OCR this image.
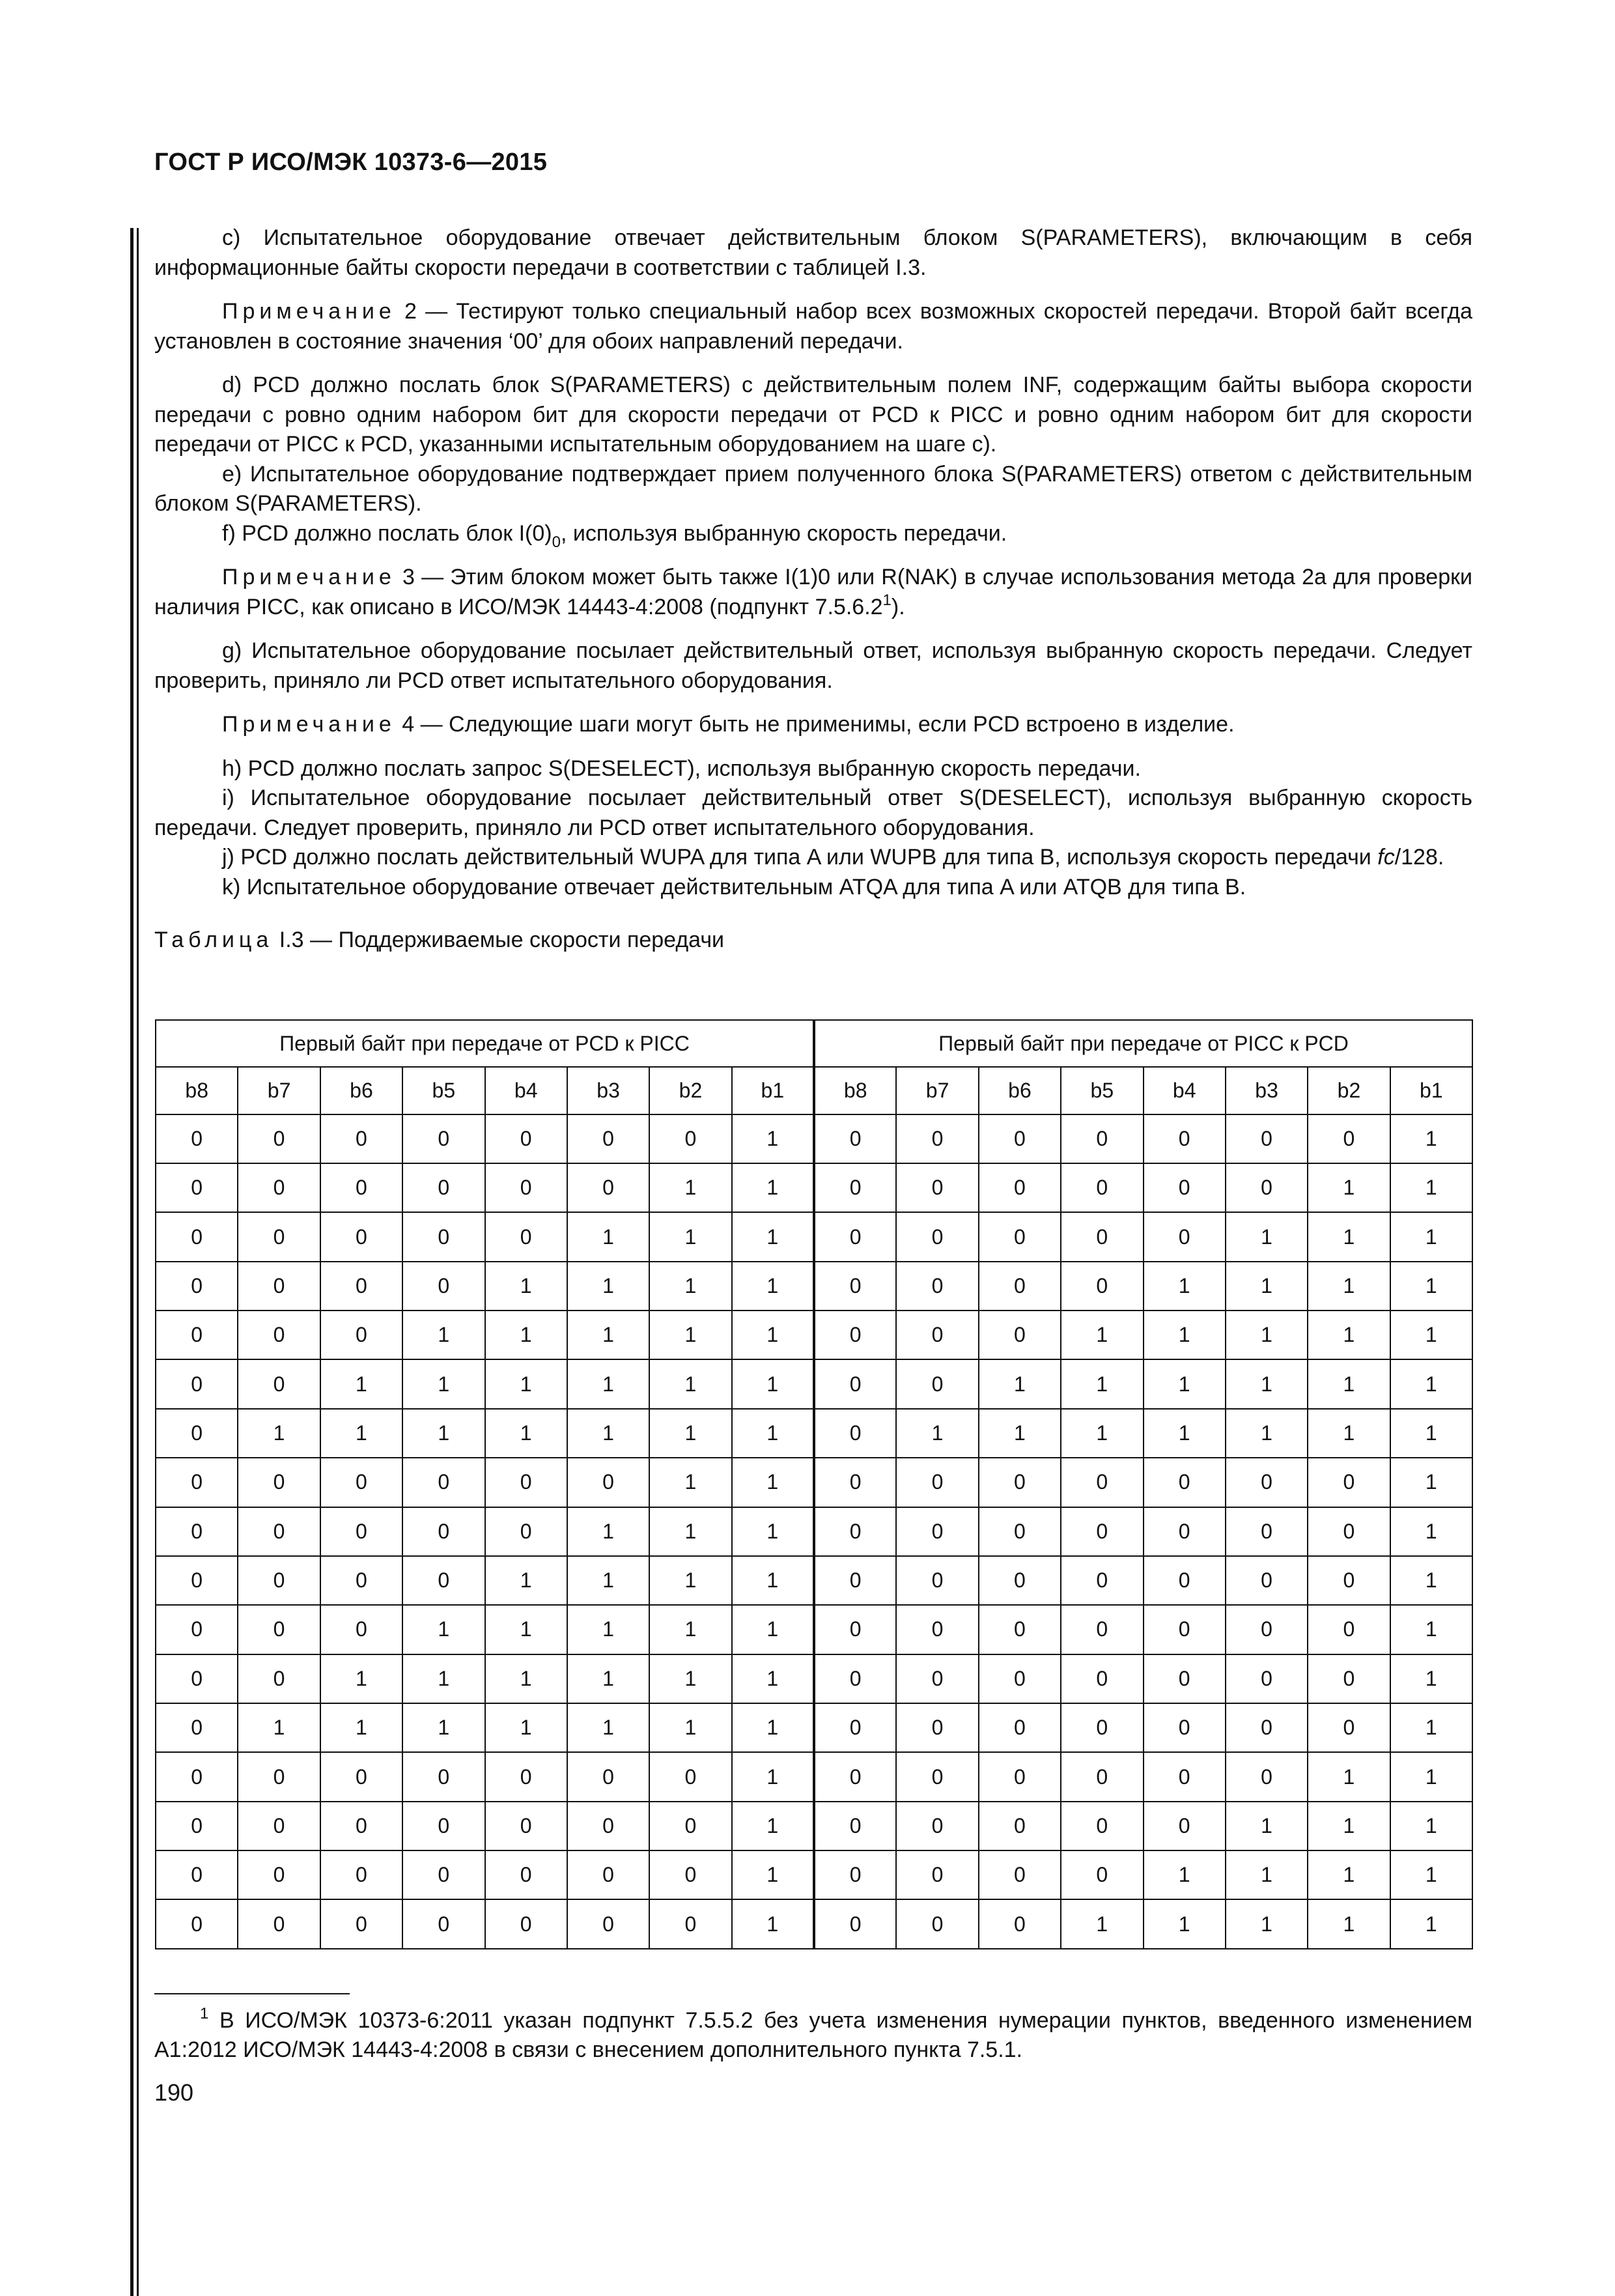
ГОСТ Р ИСО/МЭК 10373-6—2015

c) Испытательное оборудование отвечает действительным блоком S(PARAMETERS), включающим в себя информационные байты скорости передачи в соответствии с таблицей I.3.

Примечание 2 — Тестируют только специальный набор всех возможных скоростей передачи. Второй байт всегда установлен в состояние значения ‘00’ для обоих направлений передачи.

d) PCD должно послать блок S(PARAMETERS) с действительным полем INF, содержащим байты выбора скорости передачи с ровно одним набором бит для скорости передачи от PCD к PICC и ровно одним набором бит для скорости передачи от PICC к PCD, указанными испытательным оборудованием на шаге c).

e) Испытательное оборудование подтверждает прием полученного блока S(PARAMETERS) ответом с действительным блоком S(PARAMETERS).

f) PCD должно послать блок $I(0)_0$, используя выбранную скорость передачи.

Примечание 3 — Этим блоком может быть также I(1)0 или R(NAK) в случае использования метода 2a для проверки наличия PICC, как описано в ИСО/МЭК 14443-4:2008 (подпункт 7.5.6.2$^1$).

g) Испытательное оборудование посылает действительный ответ, используя выбранную скорость передачи. Следует проверить, приняло ли PCD ответ испытательного оборудования.

Примечание 4 — Следующие шаги могут быть не применимы, если PCD встроено в изделие.

h) PCD должно послать запрос S(DESELECT), используя выбранную скорость передачи.

i) Испытательное оборудование посылает действительный ответ S(DESELECT), используя выбранную скорость передачи. Следует проверить, приняло ли PCD ответ испытательного оборудования.

j) PCD должно послать действительный WUPA для типа A или WUPB для типа B, используя скорость передачи fc/128.

k) Испытательное оборудование отвечает действительным ATQA для типа A или ATQB для типа B.

Таблица I.3 — Поддерживаемые скорости передачи

Первый байт при передаче от PCD к PICC								Первый байт при передаче от PICC к PCD							
b8	b7	b6	b5	b4	b3	b2	b1	b8	b7	b6	b5	b4	b3	b2	b1
0	0	0	0	0	0	0	1	0	0	0	0	0	0	0	1
0	0	0	0	0	0	1	1	0	0	0	0	0	0	1	1
0	0	0	0	0	1	1	1	0	0	0	0	0	1	1	1
0	0	0	0	1	1	1	1	0	0	0	0	1	1	1	1
0	0	0	1	1	1	1	1	0	0	0	1	1	1	1	1
0	0	1	1	1	1	1	1	0	0	1	1	1	1	1	1
0	1	1	1	1	1	1	1	0	1	1	1	1	1	1	1
0	0	0	0	0	0	1	1	0	0	0	0	0	0	0	1
0	0	0	0	0	1	1	1	0	0	0	0	0	0	0	1
0	0	0	0	1	1	1	1	0	0	0	0	0	0	0	1
0	0	0	1	1	1	1	1	0	0	0	0	0	0	0	1
0	0	1	1	1	1	1	1	0	0	0	0	0	0	0	1
0	1	1	1	1	1	1	1	0	0	0	0	0	0	0	1
0	0	0	0	0	0	0	1	0	0	0	0	0	0	1	1
0	0	0	0	0	0	0	1	0	0	0	0	0	1	1	1
0	0	0	0	0	0	0	1	0	0	0	0	1	1	1	1
0	0	0	0	0	0	0	1	0	0	0	1	1	1	1	1
$^1$ В ИСО/МЭК 10373-6:2011 указан подпункт 7.5.5.2 без учета изменения нумерации пунктов, введенного изменением A1:2012 ИСО/МЭК 14443-4:2008 в связи с внесением дополнительного пункта 7.5.1.
190
